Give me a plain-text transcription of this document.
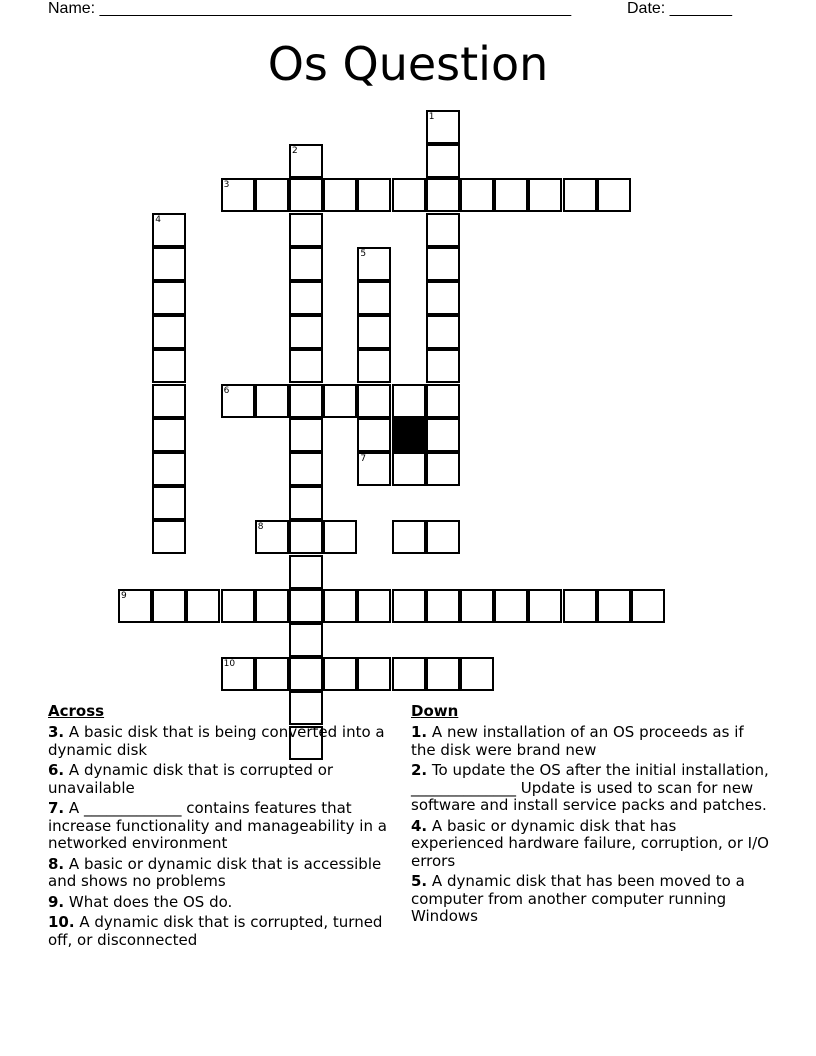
Name: _____________________________________________________	Date: _______
Os Question
1
2
3
4
5
6
7
8
9
10
Across
3. A basic disk that is being converted into a dynamic disk
6. A dynamic disk that is corrupted or unavailable
7. A _____________ contains features that increase functionality and manageability in a networked environment
8. A basic or dynamic disk that is accessible and shows no problems
9. What does the OS do.
10. A dynamic disk that is corrupted, turned off, or disconnected
Down
1. A new installation of an OS proceeds as if the disk were brand new
2. To update the OS after the initial installation, ______________ Update is used to scan for new software and install service packs and patches.
4. A basic or dynamic disk that has experienced hardware failure, corruption, or I/O errors
5. A dynamic disk that has been moved to a computer from another computer running Windows
